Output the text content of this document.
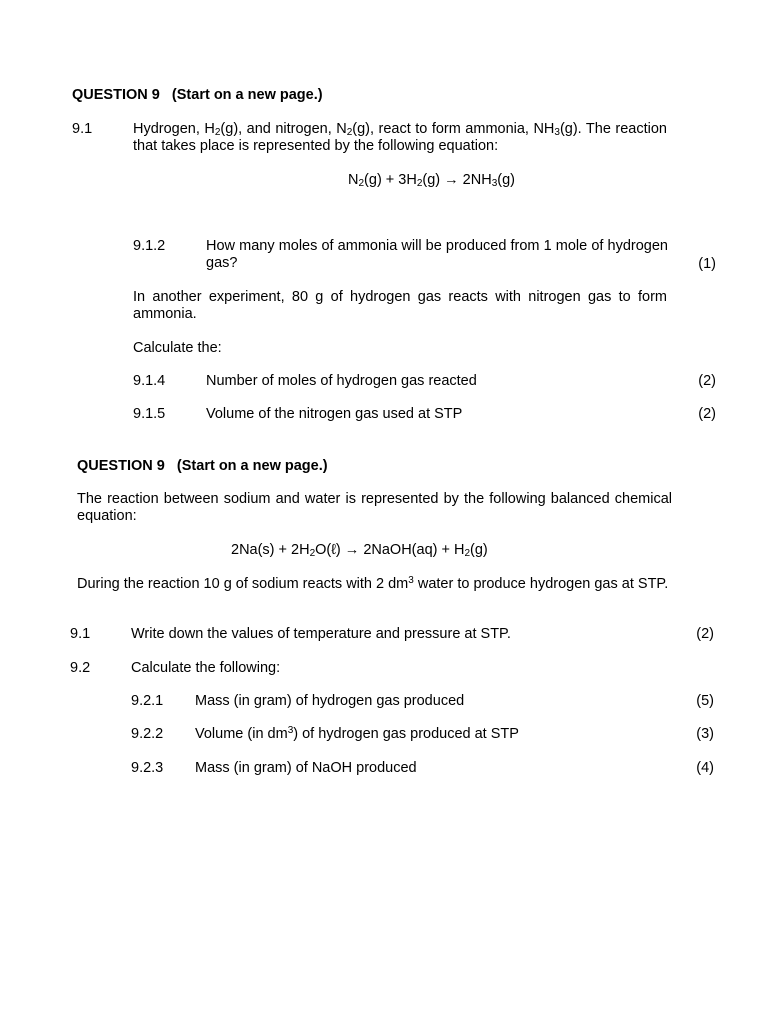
QUESTION 9 (Start on a new page.)
9.1	Hydrogen, $H_2(g)$, and nitrogen, $N_2(g)$, react to form ammonia, $NH_3(g)$. The reaction that takes place is represented by the following equation:
$N_2(g) + 3H_2(g) \to 2NH_3(g)$
9.1.2	How many moles of ammonia will be produced from 1 mole of hydrogen gas?	(1)
In another experiment, 80 g of hydrogen gas reacts with nitrogen gas to form ammonia.
Calculate the:
9.1.4	Number of moles of hydrogen gas reacted	(2)
9.1.5	Volume of the nitrogen gas used at STP	(2)
QUESTION 9 (Start on a new page.)
The reaction between sodium and water is represented by the following balanced chemical equation:
$2Na(s) + 2H_2O(\ell)$ → 2NaOH(aq) + $H_2(g)$
During the reaction 10 g of sodium reacts with 2 $dm^3$ water to produce hydrogen gas at STP.
9.1	Write down the values of temperature and pressure at STP.	(2)
9.2	Calculate the following:
9.2.1 Mass (in gram) of hydrogen gas produced	(5)
9.2.2 Volume (in $dm^3$) of hydrogen gas produced at STP	(3)
9.2.3 Mass (in gram) of NaOH produced	(4)
